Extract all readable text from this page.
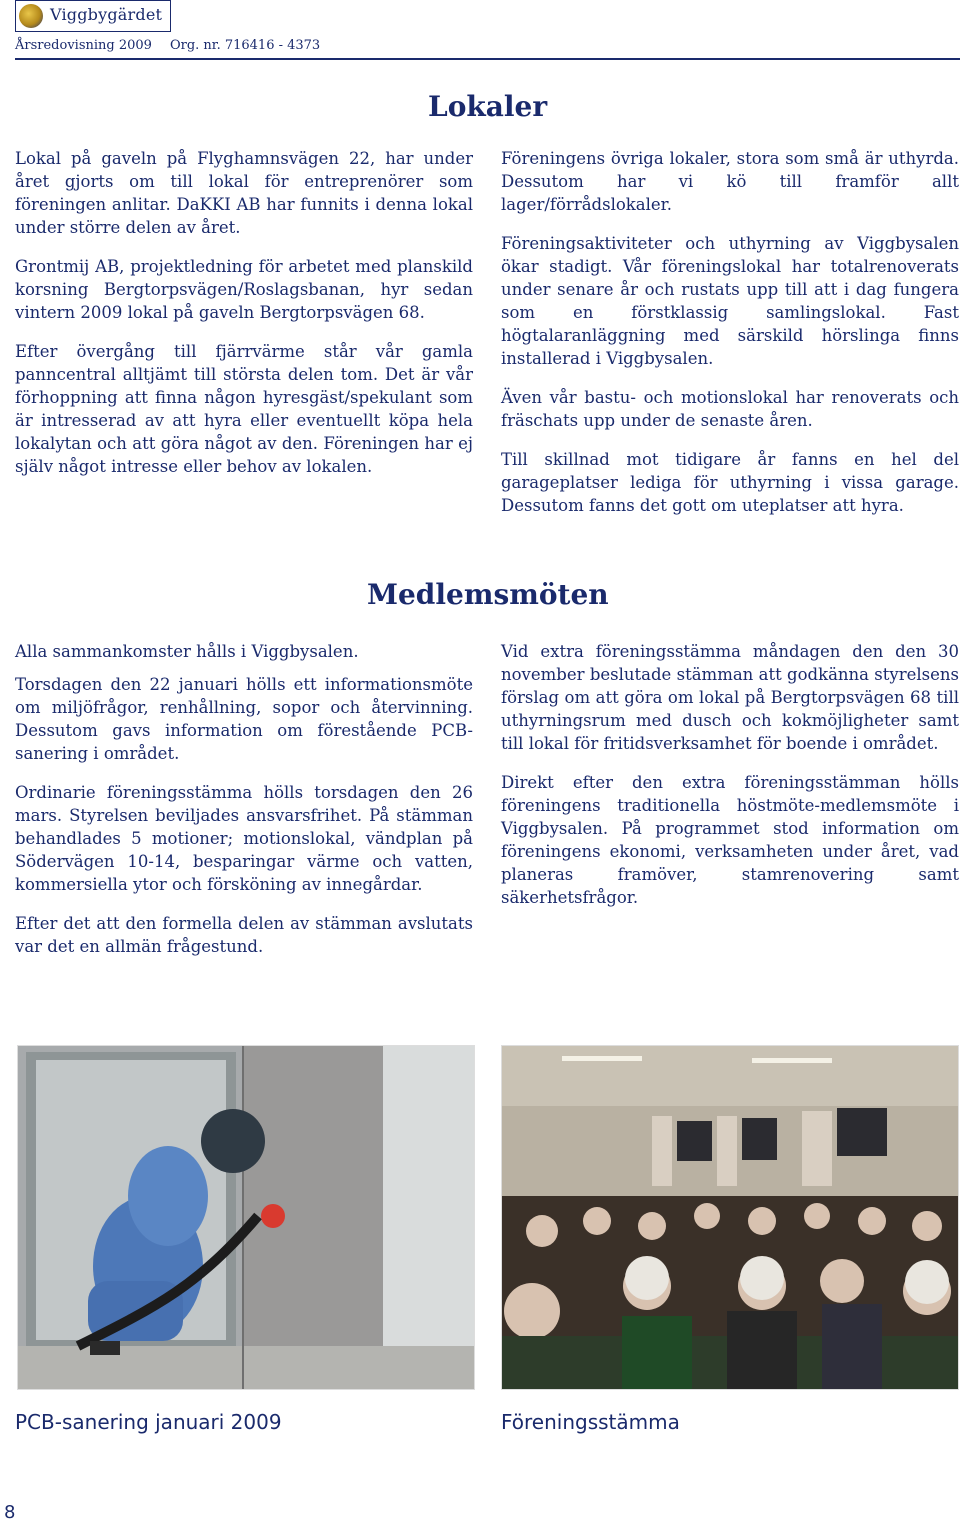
Viggbygärdet
Årsredovisning 2009 Org. nr. 716416 - 4373
Lokaler

Lokal på gaveln på Flyghamnsvägen 22, har under året gjorts om till lokal för entreprenörer som föreningen anlitar. DaKKI AB har funnits i denna lokal under större delen av året.

Grontmij AB, projektledning för arbetet med planskild korsning Bergtorpsvägen/Roslagsbanan, hyr sedan vintern 2009 lokal på gaveln Bergtorpsvägen 68.

Efter övergång till fjärrvärme står vår gamla panncentral alltjämt till största delen tom. Det är vår förhoppning att finna någon hyresgäst/spekulant som är intresserad av att hyra eller eventuellt köpa hela lokalytan och att göra något av den. Föreningen har ej själv något intresse eller behov av lokalen.

Föreningens övriga lokaler, stora som små är uthyrda. Dessutom har vi kö till framför allt lager/förrådslokaler.

Föreningsaktiviteter och uthyrning av Viggbysalen ökar stadigt. Vår föreningslokal har totalrenoverats under senare år och rustats upp till att i dag fungera som en förstklassig samlingslokal. Fast högtalaranläggning med särskild hörslinga finns installerad i Viggbysalen.

Även vår bastu- och motionslokal har renoverats och fräschats upp under de senaste åren.

Till skillnad mot tidigare år fanns en hel del garageplatser lediga för uthyrning i vissa garage. Dessutom fanns det gott om uteplatser att hyra.

Medlemsmöten

Alla sammankomster hålls i Viggbysalen.

Torsdagen den 22 januari hölls ett informationsmöte om miljöfrågor, renhållning, sopor och återvinning. Dessutom gavs information om förestående PCB-sanering i området.

Ordinarie föreningsstämma hölls torsdagen den 26 mars. Styrelsen beviljades ansvarsfrihet. På stämman behandlades 5 motioner; motionslokal, vändplan på Södervägen 10-14, besparingar värme och vatten, kommersiella ytor och försköning av innegårdar.

Efter det att den formella delen av stämman avslutats var det en allmän frågestund.

Vid extra föreningsstämma måndagen den den 30 november beslutade stämman att godkänna styrelsens förslag om att göra om lokal på Bergtorpsvägen 68 till uthyrningsrum med dusch och kokmöjligheter samt till lokal för fritidsverksamhet för boende i området.

Direkt efter den extra föreningsstämman hölls föreningens traditionella höstmöte-medlemsmöte i Viggbysalen. På programmet stod information om föreningens ekonomi, verksamheten under året, vad planeras framöver, stamrenovering samt säkerhetsfrågor.

PCB-sanering januari 2009	Föreningsstämma
8
